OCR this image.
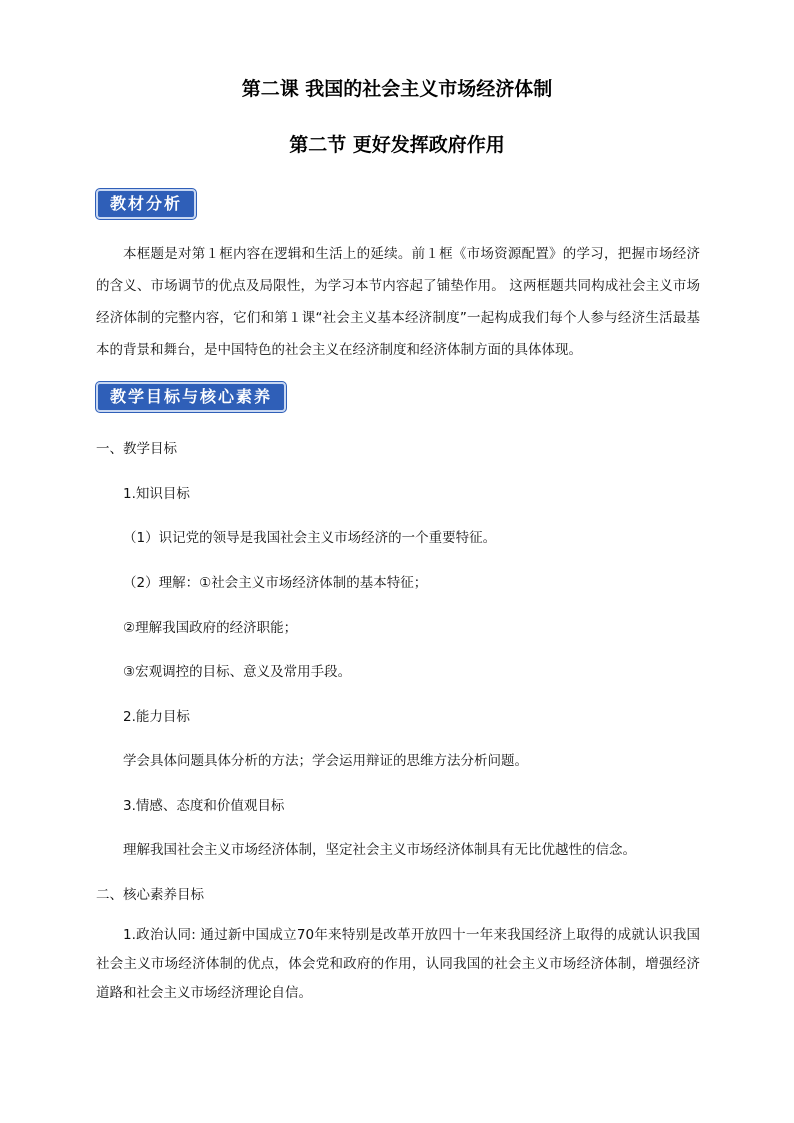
第二课 我国的社会主义市场经济体制
第二节 更好发挥政府作用
教材分析
本框题是对第１框内容在逻辑和生活上的延续。前１框《市场资源配置》的学习，把握市场经济的含义、市场调节的优点及局限性，为学习本节内容起了铺垫作用。 这两框题共同构成社会主义市场经济体制的完整内容，它们和第１课“社会主义基本经济制度”一起构成我们每个人参与经济生活最基本的背景和舞台，是中国特色的社会主义在经济制度和经济体制方面的具体体现。
教学目标与核心素养
一、教学目标
1.知识目标
（1）识记党的领导是我国社会主义市场经济的一个重要特征。
（2）理解：①社会主义市场经济体制的基本特征；
②理解我国政府的经济职能；
③宏观调控的目标、意义及常用手段。
2.能力目标
学会具体问题具体分析的方法；学会运用辩证的思维方法分析问题。
3.情感、态度和价值观目标
理解我国社会主义市场经济体制，坚定社会主义市场经济体制具有无比优越性的信念。
二、核心素养目标
1.政治认同: 通过新中国成立70年来特别是改革开放四十一年来我国经济上取得的成就认识我国社会主义市场经济体制的优点，体会党和政府的作用，认同我国的社会主义市场经济体制，增强经济道路和社会主义市场经济理论自信。
